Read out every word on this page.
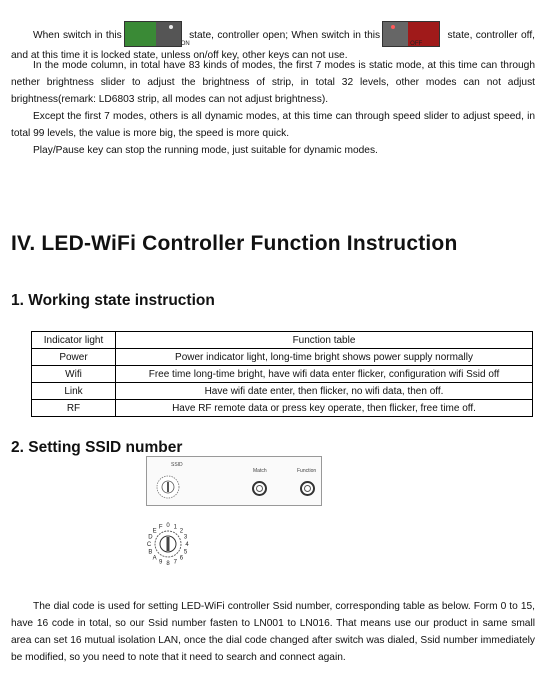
When switch in this
ON
state, controller open; When switch in this
OFF
state, controller off, and at this time it is locked state, unless on/off key, other keys can not use.

In the mode column, in total have 83 kinds of modes, the first 7 modes is static mode, at this time can through nether brightness slider to adjust the brightness of strip, in total 32 levels, other modes can not adjust brightness(remark: LD6803 strip, all modes can not adjust brightness).

Except the first 7 modes, others is all dynamic modes, at this time can through speed slider to adjust speed, in total 99 levels, the value is more big, the speed is more quick.

Play/Pause key can stop the running mode, just suitable for dynamic modes.

IV. LED-WiFi Controller Function Instruction
1. Working state instruction
Indicator light	Function table
Power	Power indicator light, long-time bright shows power supply normally
Wifi	Free time long-time bright, have wifi data enter flicker, configuration wifi Ssid off
Link	Have wifi date enter, then flicker, no wifi data, then off.
RF	Have RF remote data or press key operate, then flicker, free time off.
2. Setting SSID number
SSID
Match	Function
0 1
2
3
4
5
6
7
8
9
A
B
C
D
E
F

The dial code is used for setting LED-WiFi controller Ssid number, corresponding table as below. Form 0 to 15, have 16 code in total, so our Ssid number fasten to LN001 to LN016. That means use our product in same small area can set 16 mutual isolation LAN, once the dial code changed after switch was dialed, Ssid number immediately be modified, so you need to note that it need to search and connect again.
